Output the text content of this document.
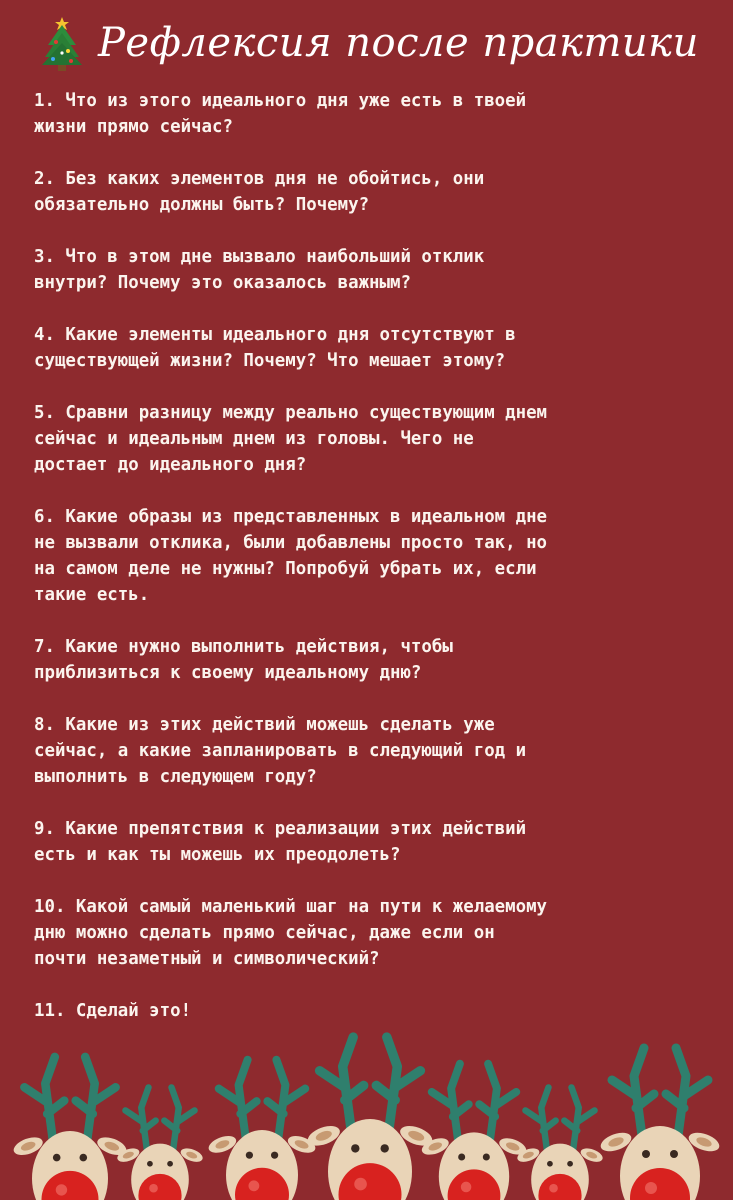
Рефлексия после практики
1. Что из этого идеального дня уже есть в твоей
жизни прямо сейчас?
2. Без каких элементов дня не обойтись, они
обязательно должны быть? Почему?
3. Что в этом дне вызвало наибольший отклик
внутри? Почему это оказалось важным?
4. Какие элементы идеального дня отсутствуют в
существующей жизни? Почему? Что мешает этому?
5. Сравни разницу между реально существующим днем
сейчас и идеальным днем из головы. Чего не
достает до идеального дня?
6. Какие образы из представленных в идеальном дне
не вызвали отклика, были добавлены просто так, но
на самом деле не нужны? Попробуй убрать их, если
такие есть.
7. Какие нужно выполнить действия, чтобы
приблизиться к своему идеальному дню?
8. Какие из этих действий можешь сделать уже
сейчас, а какие запланировать в следующий год и
выполнить в следующем году?
9. Какие препятствия к реализации этих действий
есть и как ты можешь их преодолеть?
10. Какой самый маленький шаг на пути к желаемому
дню можно сделать прямо сейчас, даже если он
почти незаметный и символический?
11. Сделай это!
